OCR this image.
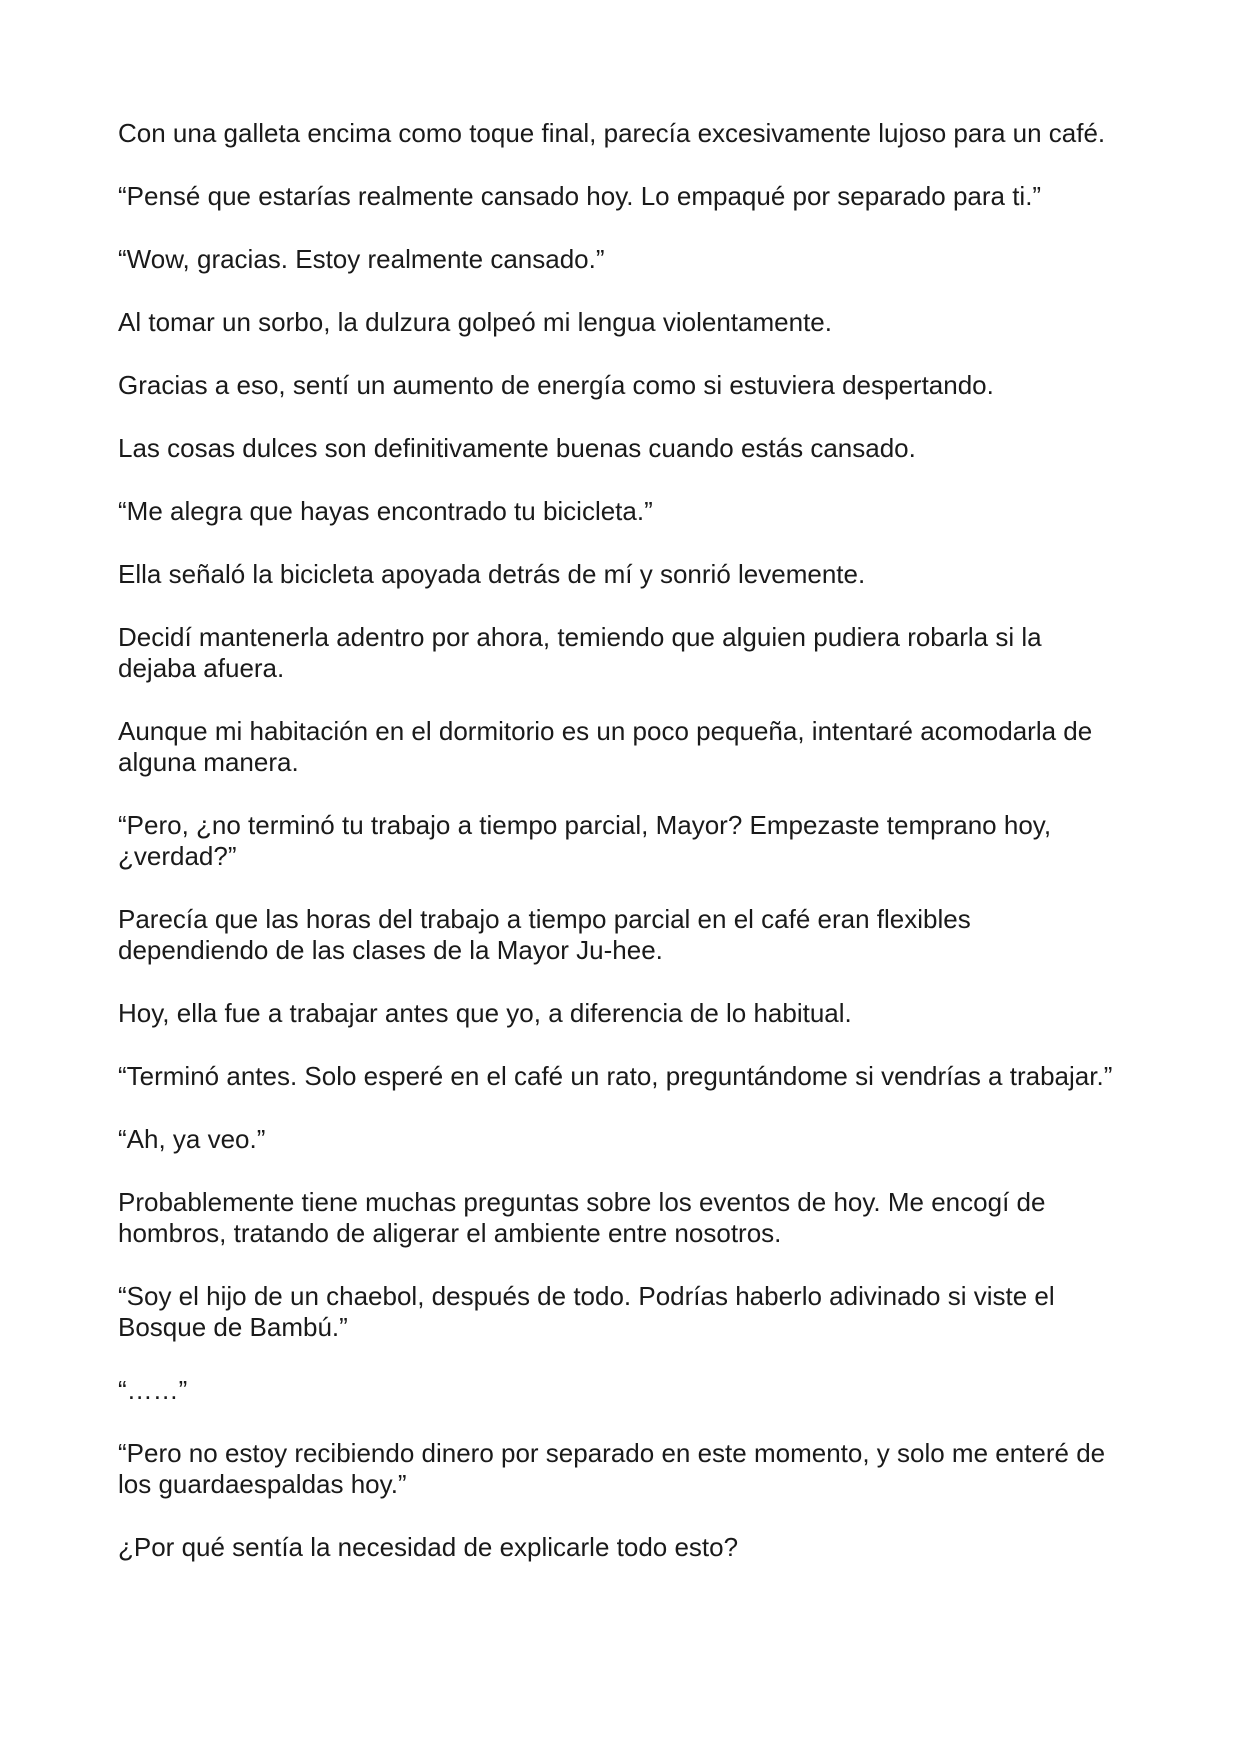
Con una galleta encima como toque final, parecía excesivamente lujoso para un café.

“Pensé que estarías realmente cansado hoy. Lo empaqué por separado para ti.”

“Wow, gracias. Estoy realmente cansado.”

Al tomar un sorbo, la dulzura golpeó mi lengua violentamente.

Gracias a eso, sentí un aumento de energía como si estuviera despertando.

Las cosas dulces son definitivamente buenas cuando estás cansado.

“Me alegra que hayas encontrado tu bicicleta.”

Ella señaló la bicicleta apoyada detrás de mí y sonrió levemente.

Decidí mantenerla adentro por ahora, temiendo que alguien pudiera robarla si la dejaba afuera.

Aunque mi habitación en el dormitorio es un poco pequeña, intentaré acomodarla de alguna manera.

“Pero, ¿no terminó tu trabajo a tiempo parcial, Mayor? Empezaste temprano hoy, ¿verdad?”

Parecía que las horas del trabajo a tiempo parcial en el café eran flexibles dependiendo de las clases de la Mayor Ju-hee.

Hoy, ella fue a trabajar antes que yo, a diferencia de lo habitual.

“Terminó antes. Solo esperé en el café un rato, preguntándome si vendrías a trabajar.”

“Ah, ya veo.”

Probablemente tiene muchas preguntas sobre los eventos de hoy. Me encogí de hombros, tratando de aligerar el ambiente entre nosotros.

“Soy el hijo de un chaebol, después de todo. Podrías haberlo adivinado si viste el Bosque de Bambú.”

“……”

“Pero no estoy recibiendo dinero por separado en este momento, y solo me enteré de los guardaespaldas hoy.”

¿Por qué sentía la necesidad de explicarle todo esto?
